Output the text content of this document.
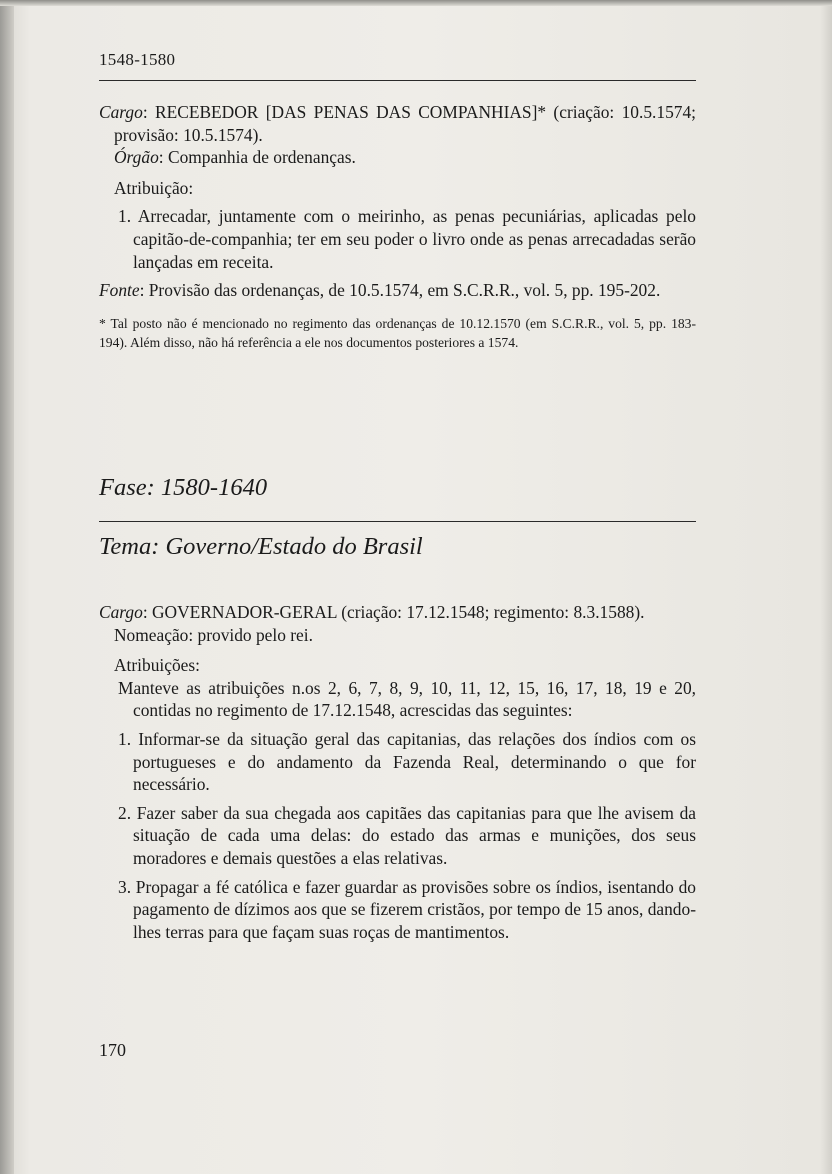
1548-1580

Cargo: RECEBEDOR [DAS PENAS DAS COMPANHIAS]* (criação: 10.5.1574; provisão: 10.5.1574).

Órgão: Companhia de ordenanças.

Atribuição:

1. Arrecadar, juntamente com o meirinho, as penas pecuniárias, aplicadas pelo capitão-de-companhia; ter em seu poder o livro onde as penas arrecadadas serão lançadas em receita.

Fonte: Provisão das ordenanças, de 10.5.1574, em S.C.R.R., vol. 5, pp. 195-202.

* Tal posto não é mencionado no regimento das ordenanças de 10.12.1570 (em S.C.R.R., vol. 5, pp. 183-194). Além disso, não há referência a ele nos documentos posteriores a 1574.

Fase: 1580-1640
Tema: Governo/Estado do Brasil

Cargo: GOVERNADOR-GERAL (criação: 17.12.1548; regimento: 8.3.1588).

Nomeação: provido pelo rei.

Atribuições:

Manteve as atribuições n.os 2, 6, 7, 8, 9, 10, 11, 12, 15, 16, 17, 18, 19 e 20, contidas no regimento de 17.12.1548, acrescidas das seguintes:

1. Informar-se da situação geral das capitanias, das relações dos índios com os portugueses e do andamento da Fazenda Real, determinando o que for necessário.

2. Fazer saber da sua chegada aos capitães das capitanias para que lhe avisem da situação de cada uma delas: do estado das armas e munições, dos seus moradores e demais questões a elas relativas.

3. Propagar a fé católica e fazer guardar as provisões sobre os índios, isentando do pagamento de dízimos aos que se fizerem cristãos, por tempo de 15 anos, dando-lhes terras para que façam suas roças de mantimentos.

170
